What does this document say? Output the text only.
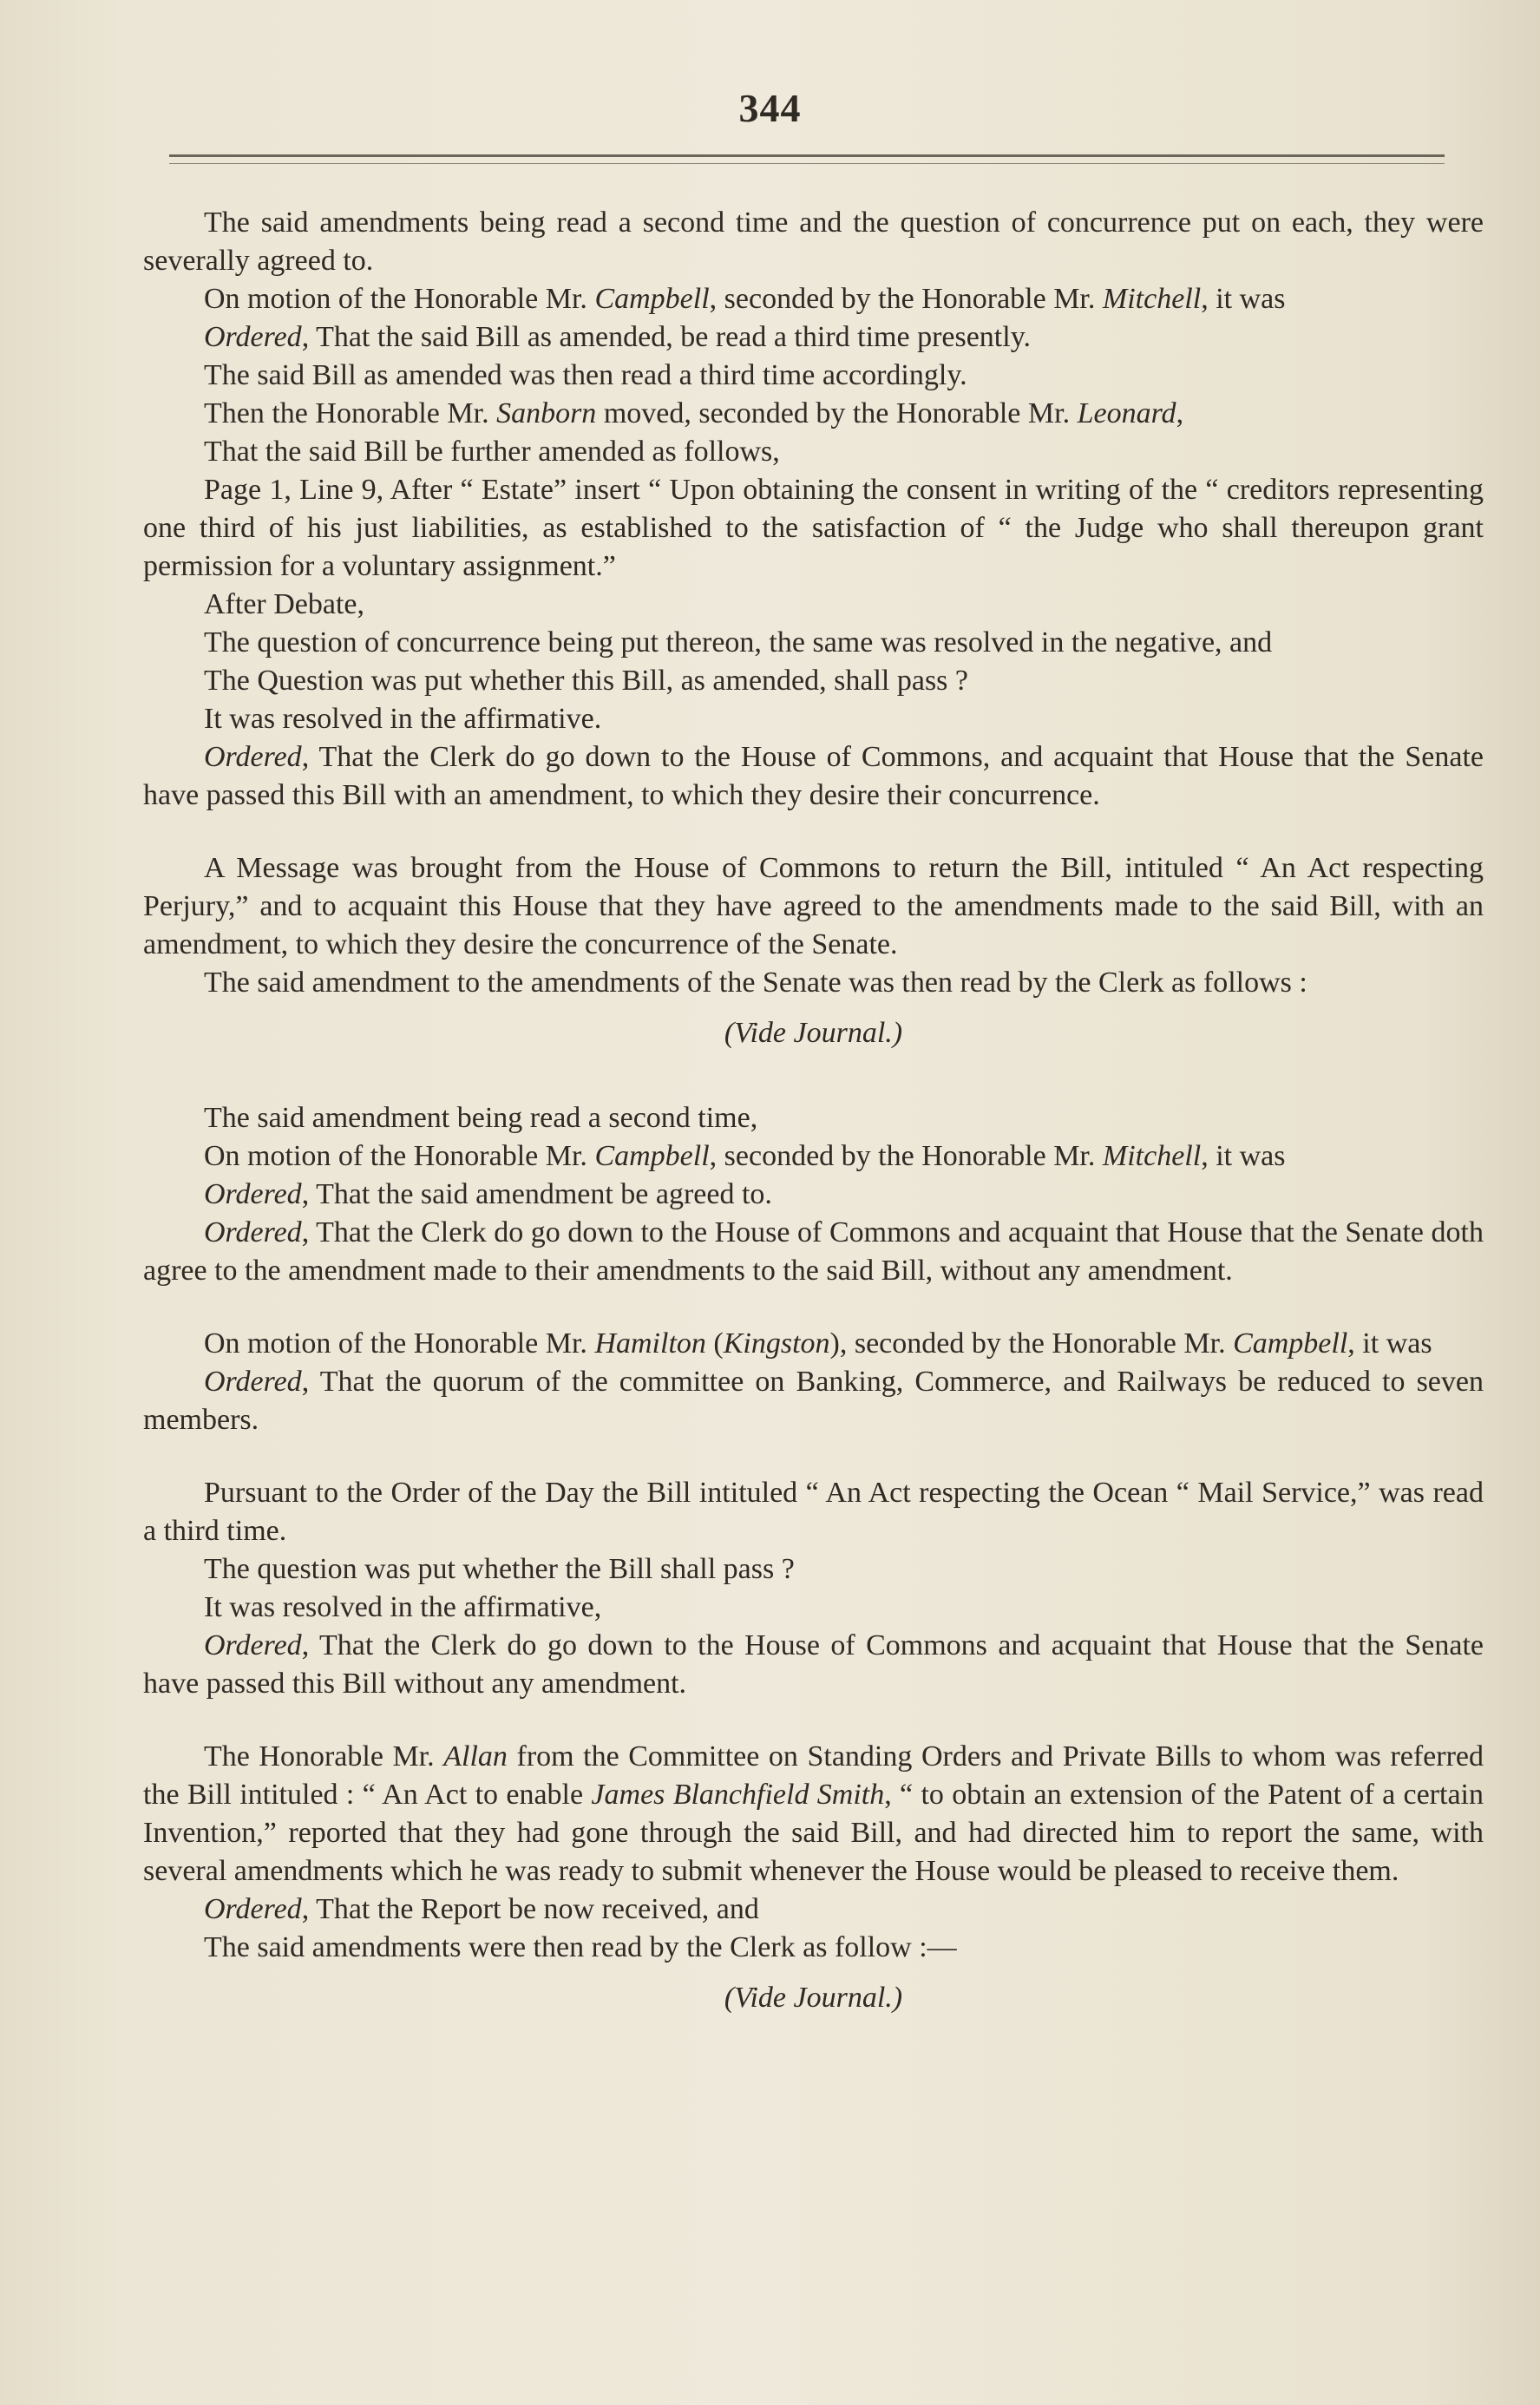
344

The said amendments being read a second time and the question of concurrence put on each, they were severally agreed to.

On motion of the Honorable Mr. Campbell, seconded by the Honorable Mr. Mitchell, it was

Ordered, That the said Bill as amended, be read a third time presently.

The said Bill as amended was then read a third time accordingly.

Then the Honorable Mr. Sanborn moved, seconded by the Honorable Mr. Leonard,

That the said Bill be further amended as follows,

Page 1, Line 9, After “ Estate” insert “ Upon obtaining the consent in writing of the “ creditors representing one third of his just liabilities, as established to the satisfaction of “ the Judge who shall thereupon grant permission for a voluntary assignment.”

After Debate,

The question of concurrence being put thereon, the same was resolved in the negative, and

The Question was put whether this Bill, as amended, shall pass ?

It was resolved in the affirmative.

Ordered, That the Clerk do go down to the House of Commons, and acquaint that House that the Senate have passed this Bill with an amendment, to which they desire their concurrence.

A Message was brought from the House of Commons to return the Bill, intituled “ An Act respecting Perjury,” and to acquaint this House that they have agreed to the amendments made to the said Bill, with an amendment, to which they desire the concurrence of the Senate.

The said amendment to the amendments of the Senate was then read by the Clerk as follows :

(Vide Journal.)

The said amendment being read a second time,

On motion of the Honorable Mr. Campbell, seconded by the Honorable Mr. Mitchell, it was

Ordered, That the said amendment be agreed to.

Ordered, That the Clerk do go down to the House of Commons and acquaint that House that the Senate doth agree to the amendment made to their amendments to the said Bill, without any amendment.

On motion of the Honorable Mr. Hamilton (Kingston), seconded by the Honorable Mr. Campbell, it was

Ordered, That the quorum of the committee on Banking, Commerce, and Railways be reduced to seven members.

Pursuant to the Order of the Day the Bill intituled “ An Act respecting the Ocean “ Mail Service,” was read a third time.

The question was put whether the Bill shall pass ?

It was resolved in the affirmative,

Ordered, That the Clerk do go down to the House of Commons and acquaint that House that the Senate have passed this Bill without any amendment.

The Honorable Mr. Allan from the Committee on Standing Orders and Private Bills to whom was referred the Bill intituled : “ An Act to enable James Blanchfield Smith, “ to obtain an extension of the Patent of a certain Invention,” reported that they had gone through the said Bill, and had directed him to report the same, with several amendments which he was ready to submit whenever the House would be pleased to receive them.

Ordered, That the Report be now received, and

The said amendments were then read by the Clerk as follow :—

(Vide Journal.)
